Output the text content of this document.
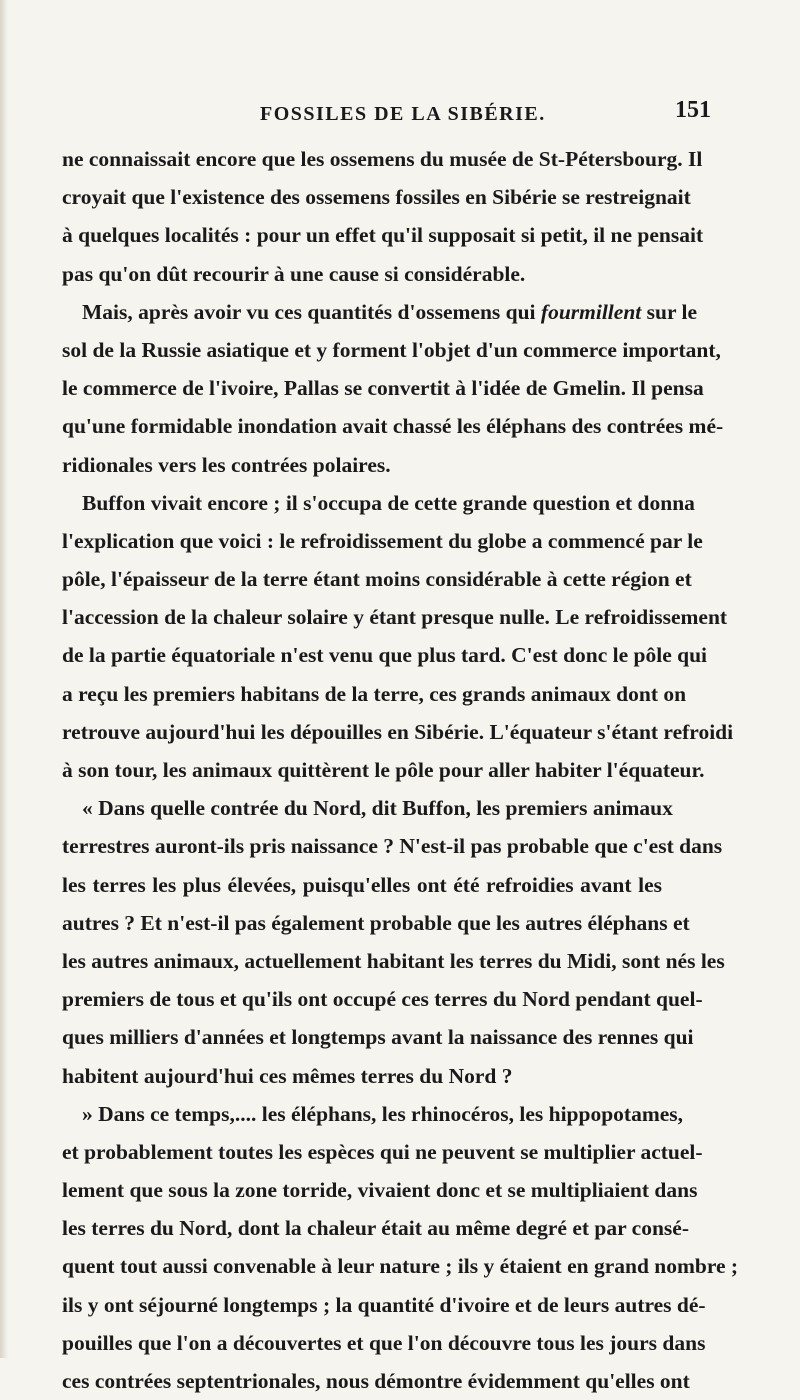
FOSSILES DE LA SIBÉRIE.	151
ne connaissait encore que les ossemens du musée de St-Pétersbourg. Il
croyait que l'existence des ossemens fossiles en Sibérie se restreignait
à quelques localités : pour un effet qu'il supposait si petit, il ne pensait
pas qu'on dût recourir à une cause si considérable.
Mais, après avoir vu ces quantités d'ossemens qui fourmillent sur le
sol de la Russie asiatique et y forment l'objet d'un commerce important,
le commerce de l'ivoire, Pallas se convertit à l'idée de Gmelin. Il pensa
qu'une formidable inondation avait chassé les éléphans des contrées mé-
ridionales vers les contrées polaires.
Buffon vivait encore ; il s'occupa de cette grande question et donna
l'explication que voici : le refroidissement du globe a commencé par le
pôle, l'épaisseur de la terre étant moins considérable à cette région et
l'accession de la chaleur solaire y étant presque nulle. Le refroidissement
de la partie équatoriale n'est venu que plus tard. C'est donc le pôle qui
a reçu les premiers habitans de la terre, ces grands animaux dont on
retrouve aujourd'hui les dépouilles en Sibérie. L'équateur s'étant refroidi
à son tour, les animaux quittèrent le pôle pour aller habiter l'équateur.
« Dans quelle contrée du Nord, dit Buffon, les premiers animaux
terrestres auront-ils pris naissance ? N'est-il pas probable que c'est dans
les terres les plus élevées, puisqu'elles ont été refroidies avant les
autres ? Et n'est-il pas également probable que les autres éléphans et
les autres animaux, actuellement habitant les terres du Midi, sont nés les
premiers de tous et qu'ils ont occupé ces terres du Nord pendant quel-
ques milliers d'années et longtemps avant la naissance des rennes qui
habitent aujourd'hui ces mêmes terres du Nord ?
» Dans ce temps,.... les éléphans, les rhinocéros, les hippopotames,
et probablement toutes les espèces qui ne peuvent se multiplier actuel-
lement que sous la zone torride, vivaient donc et se multipliaient dans
les terres du Nord, dont la chaleur était au même degré et par consé-
quent tout aussi convenable à leur nature ; ils y étaient en grand nombre ;
ils y ont séjourné longtemps ; la quantité d'ivoire et de leurs autres dé-
pouilles que l'on a découvertes et que l'on découvre tous les jours dans
ces contrées septentrionales, nous démontre évidemment qu'elles ont
